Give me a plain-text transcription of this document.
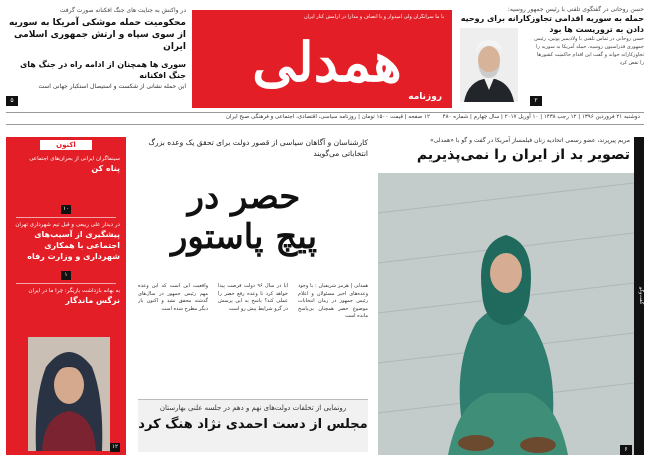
در واکنش به جنایت های جنگ افکنانه صورت گرفت
محکومیت حمله موشکی آمریکا به سوریه از سوی سپاه و ارتش جمهوری اسلامی ایران
سوری ها همچنان از ادامه راه در جنگ های جنگ افکنانه
این حمله نشانی از شکست و استیصال استکبار جهانی است
۵
با ما سرانگران ولی امیدوار و با انصاف و مدارا در آرامش کنار ایران
همدلی
روزنامه
حسن روحانی در گفتگوی تلفنی با رئیس جمهور روسیه:
حمله به سوریه اقدامی تجاوزکارانه برای روحیه دادن به تروریست ها بود
حسن روحانی در تماس تلفنی با ولادیمیر پوتین، رئیس جمهوری فدراسیون روسیه، حمله آمریکا به سوریه را تجاوزکارانه خواند و گفت این اقدام حاکمیت کشورها را نقض کرد
۲
دوشنبه ۲۱ فروردین ۱۳۹۶ | ۱۲ رجب ۱۴۳۸ | ۱۰ آوریل ۲۰۱۷ | سال چهارم | شماره ۴۸۰
۱۲ صفحه | قیمت ۱۵۰۰ تومان | روزنامه سیاسی، اقتصادی، اجتماعی و فرهنگی صبح ایران
اکنون
سینماگران ایرانی از بحران‌های اجتماعی
پناه کن
۱۰
در دیدار علی ربیعی و قبل تیم شهرداری تهران
پیشگیری از آسیب‌های اجتماعی با همکاری شهرداری و وزارت رفاه
۱
به بهانه بازداشت بازیگر: چرا ما در ایران
نرگس ماندگار
۱۲
کارشناسان و آگاهان سیاسی از قصور دولت برای تحقق یک وعده بزرگ انتخاباتی می‌گویند
حصر در
پیچ پاستور
همدلی | هرمز شریفیان : با وجود وعده‌های اخیر مسئولان و اعلام رئیس جمهور در زمان انتخابات موضوع حصر همچنان بی‌پاسخ مانده است
آیا در سال ۹۶ دولت فرصت پیدا خواهد کرد تا وعده رفع حصر را عملی کند؟ پاسخ به این پرسش در گرو شرایط پیش رو است
واقعیت این است که این وعده مهم رئیس جمهور در سال‌های گذشته محقق نشد و اکنون بار دیگر مطرح شده است
رونمایی از تخلفات دولت‌های نهم و دهم در جلسه علنی بهارستان
مجلس از دست احمدی نژاد هنگ کرد
مریم پیرپرند، عضو رسمی اتحادیه زنان فیلمساز آمریکا در گفت و گو با «همدلی»
تصویر بد از ایران را نمی‌پذیریم
گفت‌وگو
۶
